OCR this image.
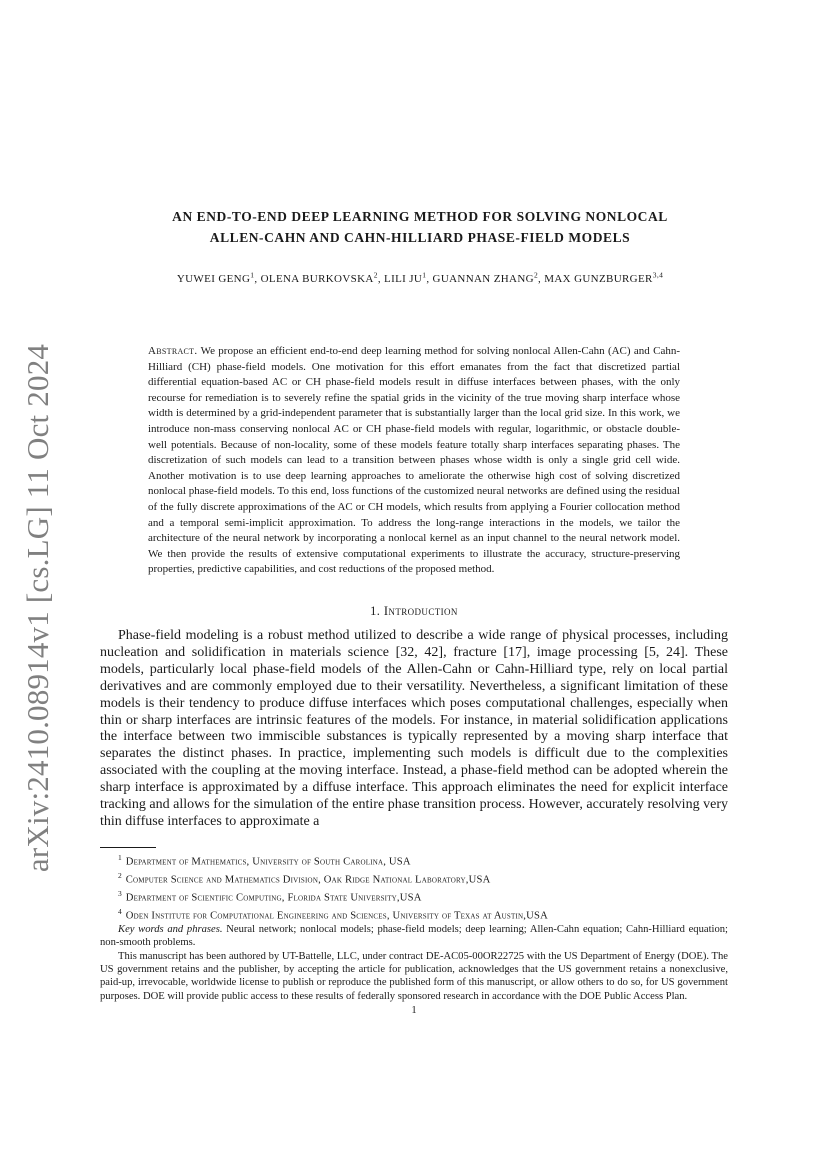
arXiv:2410.08914v1 [cs.LG] 11 Oct 2024
AN END-TO-END DEEP LEARNING METHOD FOR SOLVING NONLOCAL
ALLEN-CAHN AND CAHN-HILLIARD PHASE-FIELD MODELS
YUWEI GENG$^1$, OLENA BURKOVSKA$^2$, LILI $JU^1$, GUANNAN ZHANG$^2$, MAX GUNZBURGER$^{3,4}$
Abstract. We propose an efficient end-to-end deep learning method for solving nonlocal Allen-Cahn (AC) and Cahn-Hilliard (CH) phase-field models. One motivation for this effort emanates from the fact that discretized partial differential equation-based AC or CH phase-field models result in diffuse interfaces between phases, with the only recourse for remediation is to severely refine the spatial grids in the vicinity of the true moving sharp interface whose width is determined by a grid-independent parameter that is substantially larger than the local grid size. In this work, we introduce non-mass conserving nonlocal AC or CH phase-field models with regular, logarithmic, or obstacle double-well potentials. Because of non-locality, some of these models feature totally sharp interfaces separating phases. The discretization of such models can lead to a transition between phases whose width is only a single grid cell wide. Another motivation is to use deep learning approaches to ameliorate the otherwise high cost of solving discretized nonlocal phase-field models. To this end, loss functions of the customized neural networks are defined using the residual of the fully discrete approximations of the AC or CH models, which results from applying a Fourier collocation method and a temporal semi-implicit approximation. To address the long-range interactions in the models, we tailor the architecture of the neural network by incorporating a nonlocal kernel as an input channel to the neural network model. We then provide the results of extensive computational experiments to illustrate the accuracy, structure-preserving properties, predictive capabilities, and cost reductions of the proposed method.
1. Introduction
Phase-field modeling is a robust method utilized to describe a wide range of physical processes, including nucleation and solidification in materials science [32, 42], fracture [17], image processing [5, 24]. These models, particularly local phase-field models of the Allen-Cahn or Cahn-Hilliard type, rely on local partial derivatives and are commonly employed due to their versatility. Nevertheless, a significant limitation of these models is their tendency to produce diffuse interfaces which poses computational challenges, especially when thin or sharp interfaces are intrinsic features of the models. For instance, in material solidification applications the interface between two immiscible substances is typically represented by a moving sharp interface that separates the distinct phases. In practice, implementing such models is difficult due to the complexities associated with the coupling at the moving interface. Instead, a phase-field method can be adopted wherein the sharp interface is approximated by a diffuse interface. This approach eliminates the need for explicit interface tracking and allows for the simulation of the entire phase transition process. However, accurately resolving very thin diffuse interfaces to approximate a
$^1$ Department of Mathematics, University of South Carolina, USA
$^2$ Computer Science and Mathematics Division, Oak Ridge National Laboratory,USA
$^3$ Department of Scientific Computing, Florida State University,USA
$^4$ Oden Institute for Computational Engineering and Sciences, University of Texas at Austin,USA
Key words and phrases. Neural network; nonlocal models; phase-field models; deep learning; Allen-Cahn equation; Cahn-Hilliard equation; non-smooth problems.
This manuscript has been authored by UT-Battelle, LLC, under contract DE-AC05-00OR22725 with the US Department of Energy (DOE). The US government retains and the publisher, by accepting the article for publication, acknowledges that the US government retains a nonexclusive, paid-up, irrevocable, worldwide license to publish or reproduce the published form of this manuscript, or allow others to do so, for US government purposes. DOE will provide public access to these results of federally sponsored research in accordance with the DOE Public Access Plan.
1
